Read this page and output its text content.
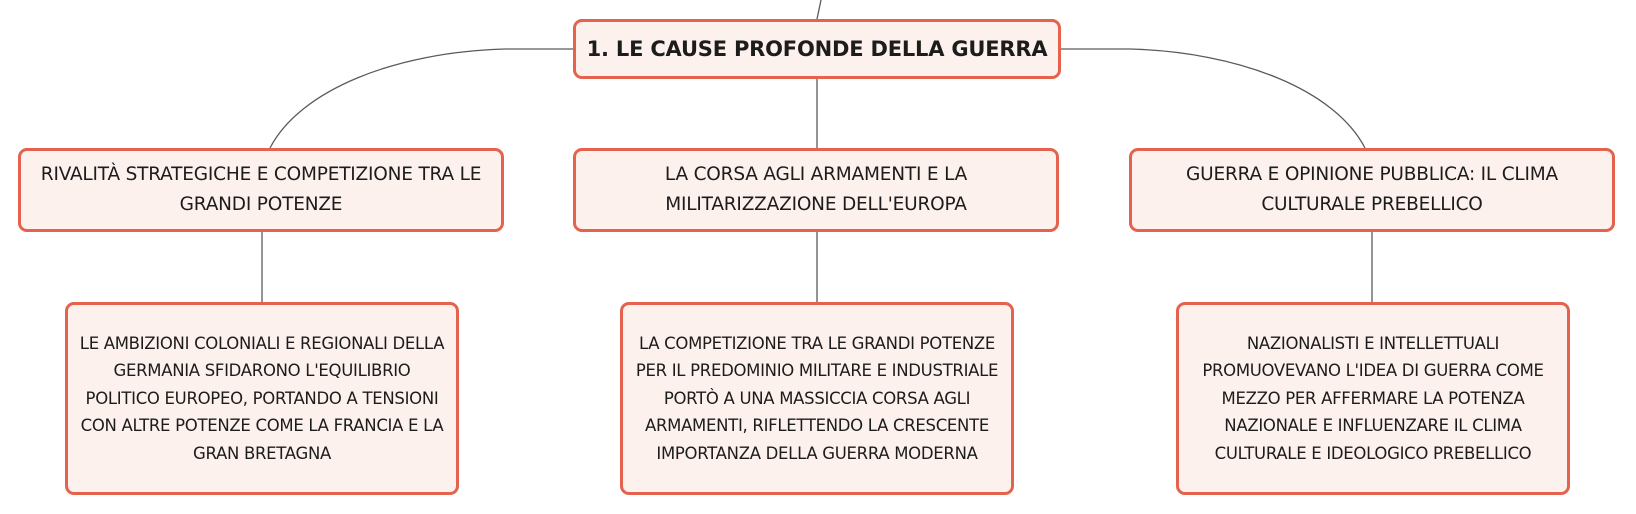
1. LE CAUSE PROFONDE DELLA GUERRA
RIVALITÀ STRATEGICHE E COMPETIZIONE TRA LE GRANDI POTENZE
LA CORSA AGLI ARMAMENTI E LA MILITARIZZAZIONE DELL'EUROPA
GUERRA E OPINIONE PUBBLICA: IL CLIMA CULTURALE PREBELLICO
LE AMBIZIONI COLONIALI E REGIONALI DELLA GERMANIA SFIDARONO L'EQUILIBRIO POLITICO EUROPEO, PORTANDO A TENSIONI CON ALTRE POTENZE COME LA FRANCIA E LA GRAN BRETAGNA
LA COMPETIZIONE TRA LE GRANDI POTENZE PER IL PREDOMINIO MILITARE E INDUSTRIALE PORTÒ A UNA MASSICCIA CORSA AGLI ARMAMENTI, RIFLETTENDO LA CRESCENTE IMPORTANZA DELLA GUERRA MODERNA
NAZIONALISTI E INTELLETTUALI PROMUOVEVANO L'IDEA DI GUERRA COME MEZZO PER AFFERMARE LA POTENZA NAZIONALE E INFLUENZARE IL CLIMA CULTURALE E IDEOLOGICO PREBELLICO
